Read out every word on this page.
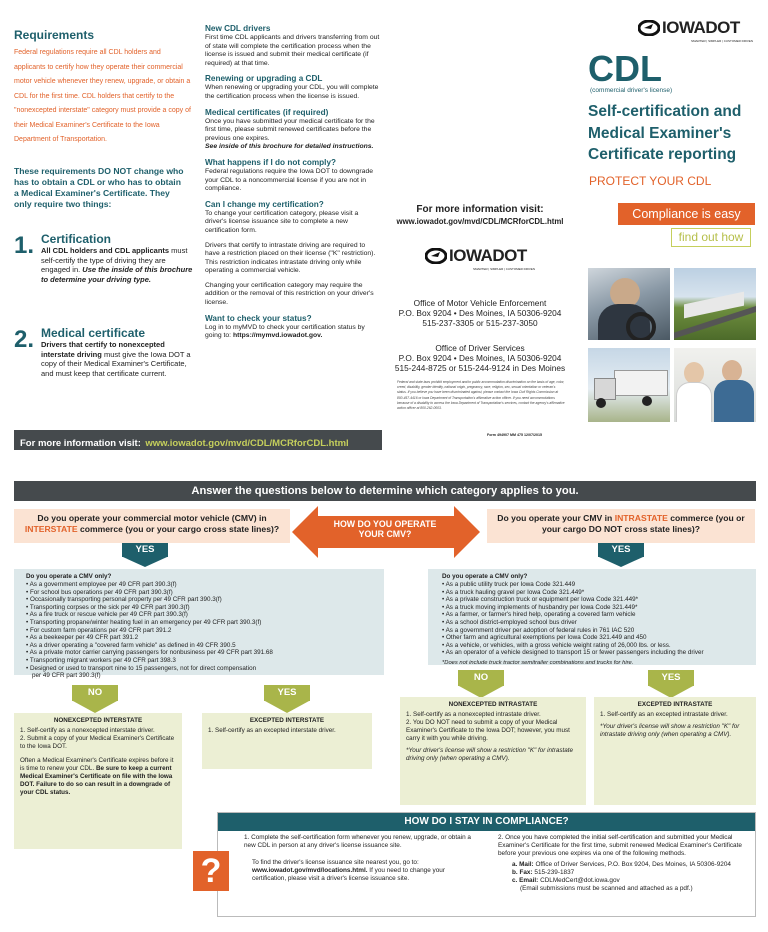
Requirements
Federal regulations require all CDL holders and applicants to certify how they operate their commercial motor vehicle whenever they renew, upgrade, or obtain a CDL for the first time. CDL holders that certify to the "nonexcepted interstate" category must provide a copy of their Medical Examiner's Certificate to the Iowa Department of Transportation.
These requirements DO NOT change who has to obtain a CDL or who has to obtain a Medical Examiner's Certificate. They only require two things:
1. Certification
All CDL holders and CDL applicants must self-certify the type of driving they are engaged in. Use the inside of this brochure to determine your driving type.
2. Medical certificate
Drivers that certify to nonexcepted interstate driving must give the Iowa DOT a copy of their Medical Examiner's Certificate, and must keep that certificate current.
For more information visit: www.iowadot.gov/mvd/CDL/MCRforCDL.html
New CDL drivers
First time CDL applicants and drivers transferring from out of state will complete the certification process when the license is issued and submit their medical certificate (if required) at that time.
Renewing or upgrading a CDL
When renewing or upgrading your CDL, you will complete the certification process when the license is issued.
Medical certificates (if required)
Once you have submitted your medical certificate for the first time, please submit renewed certificates before the previous one expires.
See inside of this brochure for detailed instructions.
What happens if I do not comply?
Federal regulations require the Iowa DOT to downgrade your CDL to a noncommercial license if you are not in compliance.
Can I change my certification?
To change your certification category, please visit a driver's license issuance site to complete a new certification form.
Drivers that certify to intrastate driving are required to have a restriction placed on their license ("K" restriction). This restriction indicates intrastate driving only while operating a commercial vehicle.
Changing your certification category may require the addition or the removal of this restriction on your driver's license.
Want to check your status?
Log in to myMVD to check your certification status by going to: https://mymvd.iowadot.gov.
For more information visit:
www.iowadot.gov/mvd/CDL/MCRforCDL.html
IOWADOT
SMARTER | SIMPLER | CUSTOMER DRIVEN
Office of Motor Vehicle Enforcement
P.O. Box 9204 • Des Moines, IA 50306-9204
515-237-3305 or 515-237-3050
Office of Driver Services
P.O. Box 9204 • Des Moines, IA 50306-9204
515-244-8725 or 515-244-9124 in Des Moines
Federal and state laws prohibit employment and/or public accommodation discrimination on the basis of age, color, creed, disability, gender identity, national origin, pregnancy, race, religion, sex, sexual orientation or veteran's status. If you believe you have been discriminated against, please contact the Iowa Civil Rights Commission at 800-457-4416 or Iowa Department of Transportation's affirmative action officer. If you need accommodations because of a disability to access the Iowa Department of Transportation's services, contact the agency's affirmative action officer at 800-262-0003.
Form 494907 MM 475 12/07/2015
IOWADOT
SMARTER | SIMPLER | CUSTOMER DRIVEN
CDL
(commercial driver's license)
Self-certification and Medical Examiner's Certificate reporting
PROTECT YOUR CDL
Compliance is easy
find out how
Answer the questions below to determine which category applies to you.
Do you operate your commercial motor vehicle (CMV) in INTERSTATE commerce (you or your cargo cross state lines)?	HOW DO YOU OPERATE YOUR CMV?
Do you operate your CMV in INTRASTATE commerce (you or your cargo DO NOT cross state lines)?
YES	YES
Do you operate a CMV only?
• As a government employee per 49 CFR part 390.3(f)
• For school bus operations per 49 CFR part 390.3(f)
• Occasionally transporting personal property per 49 CFR part 390.3(f)
• Transporting corpses or the sick per 49 CFR part 390.3(f)
• As a fire truck or rescue vehicle per 49 CFR part 390.3(f)
• Transporting propane/winter heating fuel in an emergency per 49 CFR part 390.3(f)
• For custom farm operations per 49 CFR part 391.2
• As a beekeeper per 49 CFR part 391.2
• As a driver operating a "covered farm vehicle" as defined in 49 CFR 390.5
• As a private motor carrier carrying passengers for nonbusiness per 49 CFR part 391.68
• Transporting migrant workers per 49 CFR part 398.3
• Designed or used to transport nine to 15 passengers, not for direct compensation
per 49 CFR part 390.3(f)
Do you operate a CMV only?
• As a public utility truck per Iowa Code 321.449
• As a truck hauling gravel per Iowa Code 321.449*
• As a private construction truck or equipment per Iowa Code 321.449*
• As a truck moving implements of husbandry per Iowa Code 321.449*
• As a farmer, or farmer's hired help, operating a covered farm vehicle
• As a school district-employed school bus driver
• As a government driver per adoption of federal rules in 761 IAC 520
• Other farm and agricultural exemptions per Iowa Code 321.449 and 450
• As a vehicle, or vehicles, with a gross vehicle weight rating of 26,000 lbs. or less.
• As an operator of a vehicle designed to transport 15 or fewer passengers including the driver
*Does not include truck tractor semitrailer combinations and trucks for hire.
NO	YES
NO	YES
NONEXCEPTED INTERSTATE
1. Self-certify as a nonexcepted interstate driver.
2. Submit a copy of your Medical Examiner's Certificate to the Iowa DOT.
Often a Medical Examiner's Certificate expires before it is time to renew your CDL. Be sure to keep a current Medical Examiner's Certificate on file with the Iowa DOT. Failure to do so can result in a downgrade of your CDL status.
EXCEPTED INTERSTATE
1. Self-certify as an excepted interstate driver.
NONEXCEPTED INTRASTATE
1. Self-certify as a nonexcepted intrastate driver.
2. You DO NOT need to submit a copy of your Medical Examiner's Certificate to the Iowa DOT; however, you must carry it with you while driving.
*Your driver's license will show a restriction "K" for intrastate driving only (when operating a CMV).
EXCEPTED INTRASTATE
1. Self-certify as an excepted intrastate driver.
*Your driver's license will show a restriction "K" for intrastate driving only (when operating a CMV).
HOW DO I STAY IN COMPLIANCE?
?
1. Complete the self-certification form whenever you renew, upgrade, or obtain a new CDL in person at any driver's license issuance site.
To find the driver's license issuance site nearest you, go to: www.iowadot.gov/mvd/locations.html. If you need to change your certification, please visit a driver's license issuance site.
2. Once you have completed the initial self-certification and submitted your Medical Examiner's Certificate for the first time, submit renewed Medical Examiner's Certificate before your previous one expires via one of the following methods.
a. Mail: Office of Driver Services, P.O. Box 9204, Des Moines, IA 50306-9204
b. Fax: 515-239-1837
c. Email: CDLMedCert@dot.iowa.gov
(Email submissions must be scanned and attached as a pdf.)
